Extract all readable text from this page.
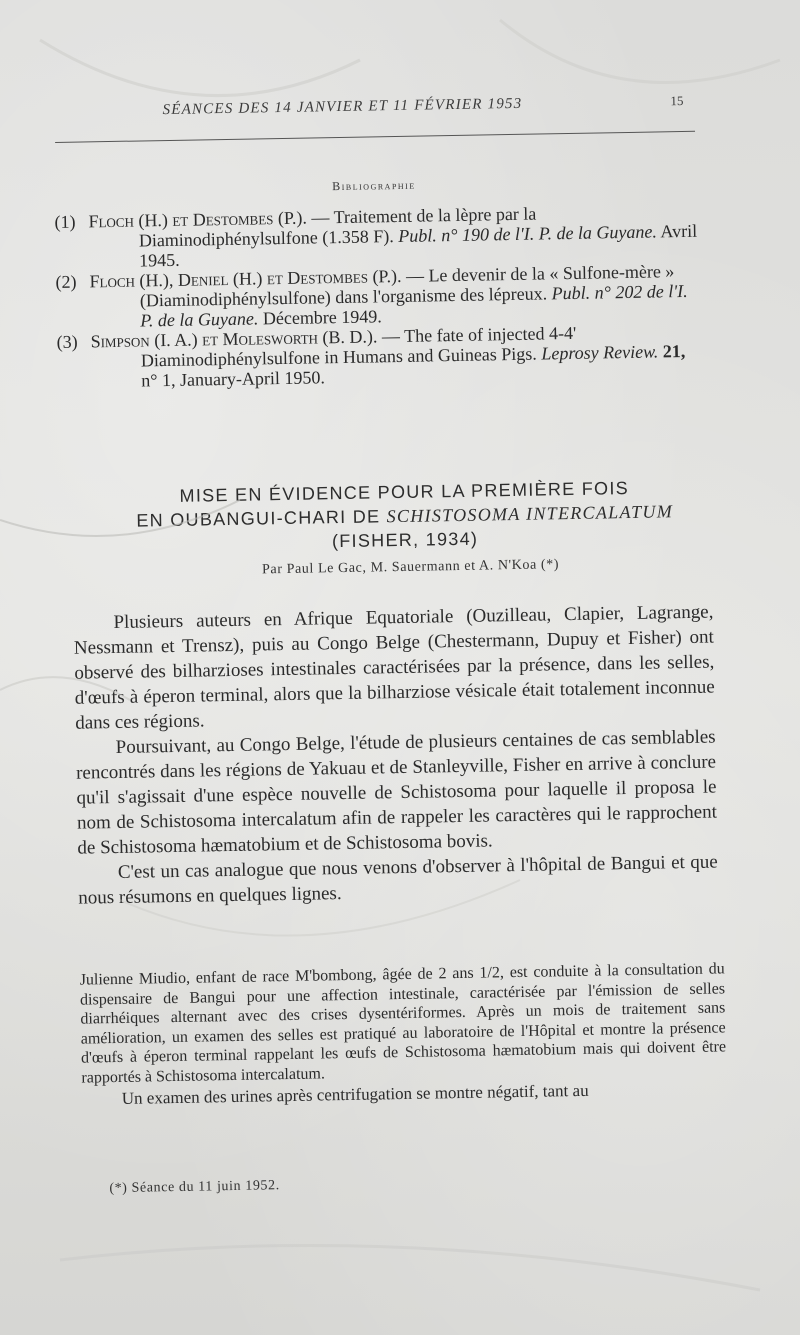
SÉANCES DES 14 JANVIER ET 11 FÉVRIER 1953	15
Bibliographie
(1) Floch (H.) et Destombes (P.). — Traitement de la lèpre par la Diaminodiphénylsulfone (1.358 F). Publ. n° 190 de l'I. P. de la Guyane. Avril 1945.
(2) Floch (H.), Deniel (H.) et Destombes (P.). — Le devenir de la « Sulfone-mère » (Diaminodiphénylsulfone) dans l'organisme des lépreux. Publ. n° 202 de l'I. P. de la Guyane. Décembre 1949.
(3) Simpson (I. A.) et Molesworth (B. D.). — The fate of injected 4-4' Diaminodiphénylsulfone in Humans and Guineas Pigs. Leprosy Review. 21, n° 1, January-April 1950.
MISE EN ÉVIDENCE POUR LA PREMIÈRE FOIS
EN OUBANGUI-CHARI DE SCHISTOSOMA INTERCALATUM
(FISHER, 1934)
Par Paul Le Gac, M. Sauermann et A. N'Koa (*)

Plusieurs auteurs en Afrique Equatoriale (Ouzilleau, Clapier, Lagrange, Nessmann et Trensz), puis au Congo Belge (Chestermann, Dupuy et Fisher) ont observé des bilharzioses intestinales caractérisées par la présence, dans les selles, d'œufs à éperon terminal, alors que la bilharziose vésicale était totalement inconnue dans ces régions.

Poursuivant, au Congo Belge, l'étude de plusieurs centaines de cas semblables rencontrés dans les régions de Yakuau et de Stanleyville, Fisher en arrive à conclure qu'il s'agissait d'une espèce nouvelle de Schistosoma pour laquelle il proposa le nom de Schistosoma intercalatum afin de rappeler les caractères qui le rapprochent de Schistosoma hæmatobium et de Schistosoma bovis.

C'est un cas analogue que nous venons d'observer à l'hôpital de Bangui et que nous résumons en quelques lignes.

Julienne Miudio, enfant de race M'bombong, âgée de 2 ans 1/2, est conduite à la consultation du dispensaire de Bangui pour une affection intestinale, caractérisée par l'émission de selles diarrhéiques alternant avec des crises dysentériformes. Après un mois de traitement sans amélioration, un examen des selles est pratiqué au laboratoire de l'Hôpital et montre la présence d'œufs à éperon terminal rappelant les œufs de Schistosoma hæmatobium mais qui doivent être rapportés à Schistosoma intercalatum.

Un examen des urines après centrifugation se montre négatif, tant au

(*) Séance du 11 juin 1952.
